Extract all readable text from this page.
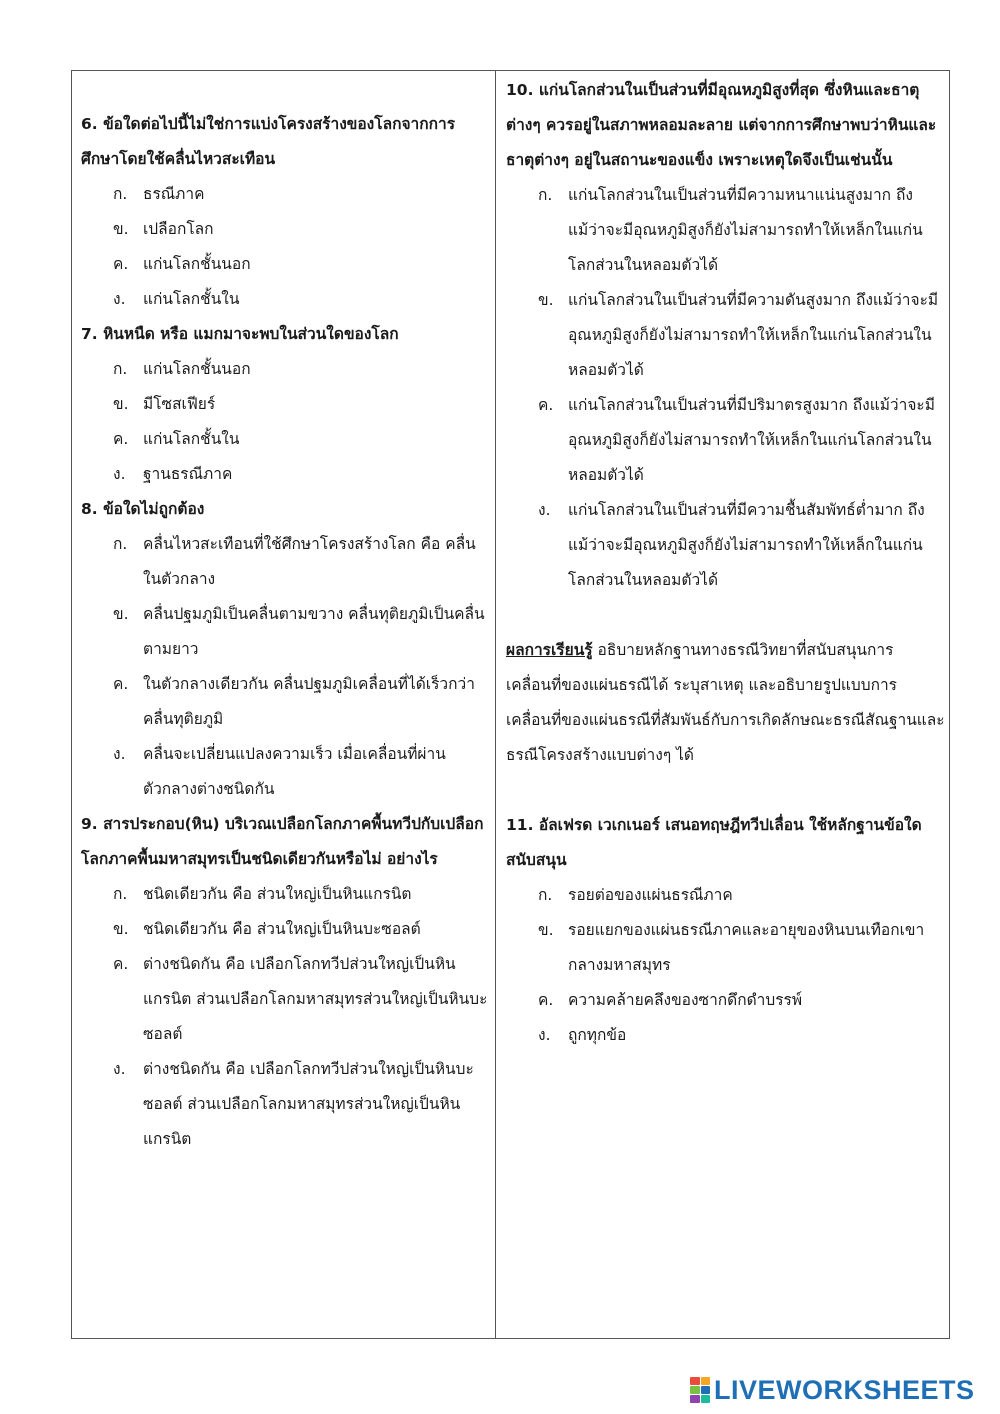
6. ข้อใดต่อไปนี้ไม่ใช่การแบ่งโครงสร้างของโลกจากการศึกษาโดยใช้คลื่นไหวสะเทือน

ก.	ธรณีภาค
ข. เปลือกโลก
ค. แก่นโลกชั้นนอก
ง.	แก่นโลกชั้นใน

7. หินหนืด หรือ แมกมาจะพบในส่วนใดของโลก

ก.	แก่นโลกชั้นนอก
ข. มีโซสเฟียร์
ค. แก่นโลกชั้นใน
ง.	ฐานธรณีภาค

8. ข้อใดไม่ถูกต้อง

ก.	คลื่นไหวสะเทือนที่ใช้ศึกษาโครงสร้างโลก คือ คลื่นในตัวกลาง
ข. คลื่นปฐมภูมิเป็นคลื่นตามขวาง คลื่นทุติยภูมิเป็นคลื่นตามยาว
ค. ในตัวกลางเดียวกัน คลื่นปฐมภูมิเคลื่อนที่ได้เร็วกว่าคลื่นทุติยภูมิ
ง.	คลื่นจะเปลี่ยนแปลงความเร็ว เมื่อเคลื่อนที่ผ่านตัวกลางต่างชนิดกัน

9. สารประกอบ(หิน) บริเวณเปลือกโลกภาคพื้นทวีปกับเปลือกโลกภาคพื้นมหาสมุทรเป็นชนิดเดียวกันหรือไม่ อย่างไร

ก.	ชนิดเดียวกัน คือ ส่วนใหญ่เป็นหินแกรนิต
ข. ชนิดเดียวกัน คือ ส่วนใหญ่เป็นหินบะซอลต์
ค. ต่างชนิดกัน คือ เปลือกโลกทวีปส่วนใหญ่เป็นหินแกรนิต ส่วนเปลือกโลกมหาสมุทรส่วนใหญ่เป็นหินบะซอลต์
ง.	ต่างชนิดกัน คือ เปลือกโลกทวีปส่วนใหญ่เป็นหินบะซอลต์ ส่วนเปลือกโลกมหาสมุทรส่วนใหญ่เป็นหินแกรนิต

10. แก่นโลกส่วนในเป็นส่วนที่มีอุณหภูมิสูงที่สุด ซึ่งหินและธาตุต่างๆ ควรอยู่ในสภาพหลอมละลาย แต่จากการศึกษาพบว่าหินและธาตุต่างๆ อยู่ในสถานะของแข็ง เพราะเหตุใดจึงเป็นเช่นนั้น

ก.	แก่นโลกส่วนในเป็นส่วนที่มีความหนาแน่นสูงมาก ถึงแม้ว่าจะมีอุณหภูมิสูงก็ยังไม่สามารถทำให้เหล็กในแก่นโลกส่วนในหลอมตัวได้
ข. แก่นโลกส่วนในเป็นส่วนที่มีความดันสูงมาก ถึงแม้ว่าจะมีอุณหภูมิสูงก็ยังไม่สามารถทำให้เหล็กในแก่นโลกส่วนในหลอมตัวได้
ค. แก่นโลกส่วนในเป็นส่วนที่มีปริมาตรสูงมาก ถึงแม้ว่าจะมีอุณหภูมิสูงก็ยังไม่สามารถทำให้เหล็กในแก่นโลกส่วนในหลอมตัวได้
ง.	แก่นโลกส่วนในเป็นส่วนที่มีความชื้นสัมพัทธ์ต่ำมาก ถึงแม้ว่าจะมีอุณหภูมิสูงก็ยังไม่สามารถทำให้เหล็กในแก่นโลกส่วนในหลอมตัวได้

ผลการเรียนรู้ อธิบายหลักฐานทางธรณีวิทยาที่สนับสนุนการเคลื่อนที่ของแผ่นธรณีได้ ระบุสาเหตุ และอธิบายรูปแบบการเคลื่อนที่ของแผ่นธรณีที่สัมพันธ์กับการเกิดลักษณะธรณีสัณฐานและธรณีโครงสร้างแบบต่างๆ ได้

11. อัลเฟรด เวเกเนอร์ เสนอทฤษฎีทวีปเลื่อน ใช้หลักฐานข้อใดสนับสนุน

ก.	รอยต่อของแผ่นธรณีภาค
ข. รอยแยกของแผ่นธรณีภาคและอายุของหินบนเทือกเขากลางมหาสมุทร
ค. ความคล้ายคลึงของซากดึกดำบรรพ์
ง.	ถูกทุกข้อ
LIVEWORKSHEETS
